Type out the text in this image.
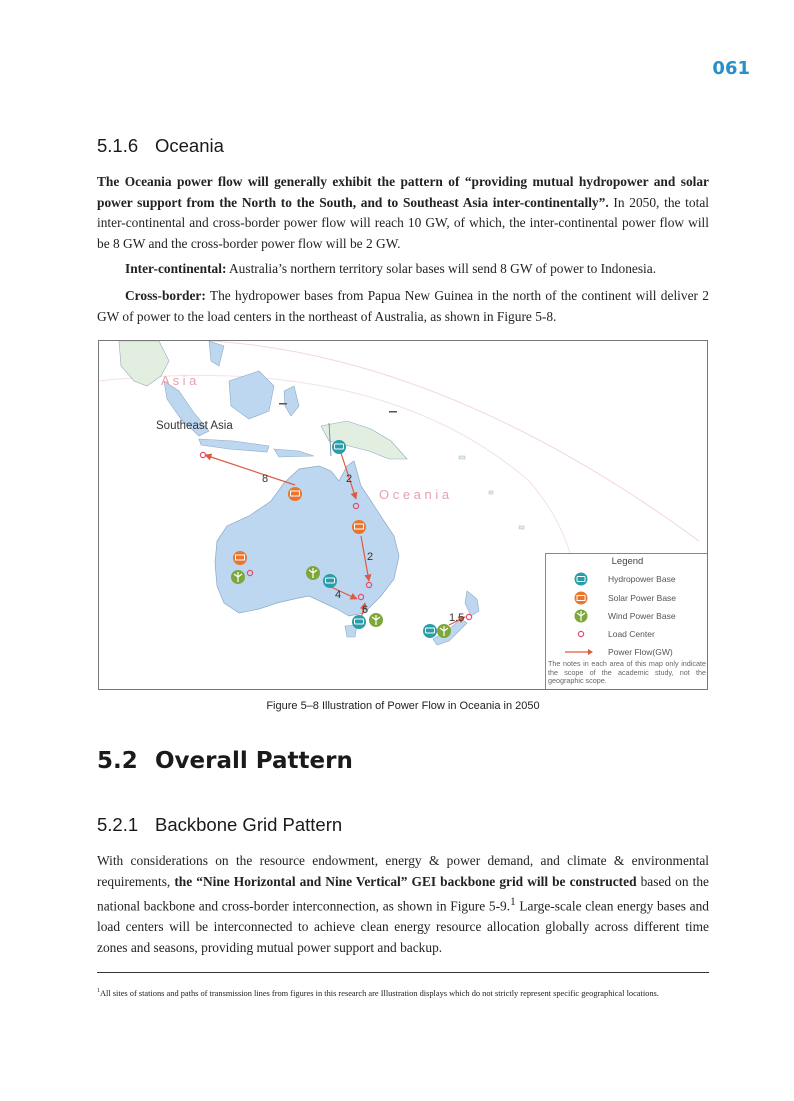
061
5.1.6 Oceania
The Oceania power flow will generally exhibit the pattern of “providing mutual hydropower and solar power support from the North to the South, and to Southeast Asia inter-continentally”. In 2050, the total inter-continental and cross-border power flow will reach 10 GW, of which, the inter-continental power flow will be 8 GW and the cross-border power flow will be 2 GW.
Inter-continental: Australia’s northern territory solar bases will send 8 GW of power to Indonesia.
Cross-border: The hydropower bases from Papua New Guinea in the north of the continent will deliver 2 GW of power to the load centers in the northeast of Australia, as shown in Figure 5-8.
A s i a
O c e a n i a
Southeast Asia
8	2
2
4
6
1.5
Legend
Hydropower Base
Solar Power Base
Wind Power Base
Load Center
Power Flow(GW)
The notes in each area of this map only indicate the scope of the academic study, not the geographic scope.
Figure 5–8 Illustration of Power Flow in Oceania in 2050
5.2 Overall Pattern
5.2.1 Backbone Grid Pattern
With considerations on the resource endowment, energy & power demand, and climate & environmental requirements, the “Nine Horizontal and Nine Vertical” GEI backbone grid will be constructed based on the national backbone and cross-border interconnection, as shown in Figure 5-9.$^1$ Large-scale clean energy bases and load centers will be interconnected to achieve clean energy resource allocation globally across different time zones and seasons, providing mutual power support and backup.
$^1$All sites of stations and paths of transmission lines from figures in this research are Illustration displays which do not strictly represent specific geographical locations.
